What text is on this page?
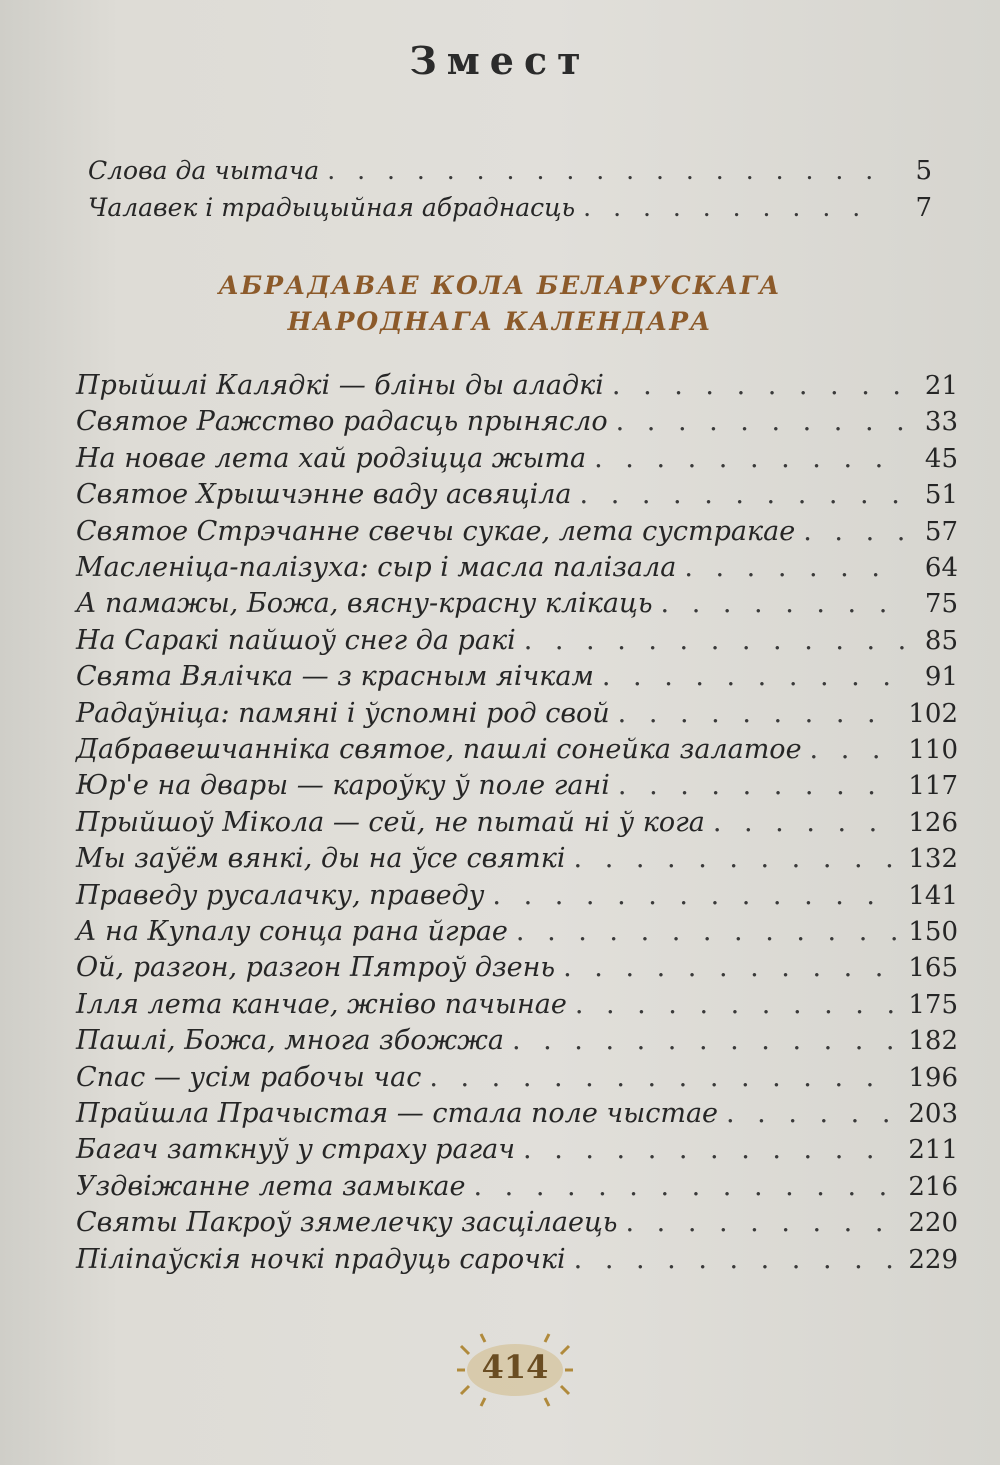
Змест
Слова да чытача . . .	5
Чалавек і традыцыйная абраднасць . . .	7
АБРАДАВАЕ КОЛА БЕЛАРУСКАГА
НАРОДНАГА КАЛЕНДАРА
Прыйшлі Калядкі — бліны ды аладкі . . .	21
Святое Ражство радасць прынясло . . .	33
На новае лета хай родзіцца жыта . . .	45
Святое Хрышчэнне ваду асвяціла . . .	51
Святое Стрэчанне свечы сукае, лета сустракае . . .	57
Масленіца-палізуха: сыр і масла палізала . . .	64
А памажы, Божа, вясну-красну клікаць . . .	75
На Саракі пайшоў снег да ракі . . .	85
Свята Вялічка — з красным яічкам . . .	91
Радаўніца: памяні і ўспомні род свой . . .	102
Дабравешчанніка святое, пашлі сонейка залатое . . .	110
Юр'е на двары — кароўку ў поле гані . . .	117
Прыйшоў Мікола — сей, не пытай ні ў кога . . .	126
Мы заўём вянкі, ды на ўсе святкі . . .	132
Праведу русалачку, праведу . . .	141
А на Купалу сонца рана йграе . . .	150
Ой, разгон, разгон Пятроў дзень . . .	165
Ілля лета канчае, жніво пачынае . . .	175
Пашлі, Божа, многа збожжа . . .	182
Спас — усім рабочы час . . .	196
Прайшла Прачыстая — стала поле чыстае . . .	203
Багач заткнуў у страху рагач . . .	211
Уздвіжанне лета замыкае . . .	216
Святы Пакроў зямелечку засцілаець . . .	220
Пілiпаўскія ночкі прадуць сарочкі . . .	229
414
